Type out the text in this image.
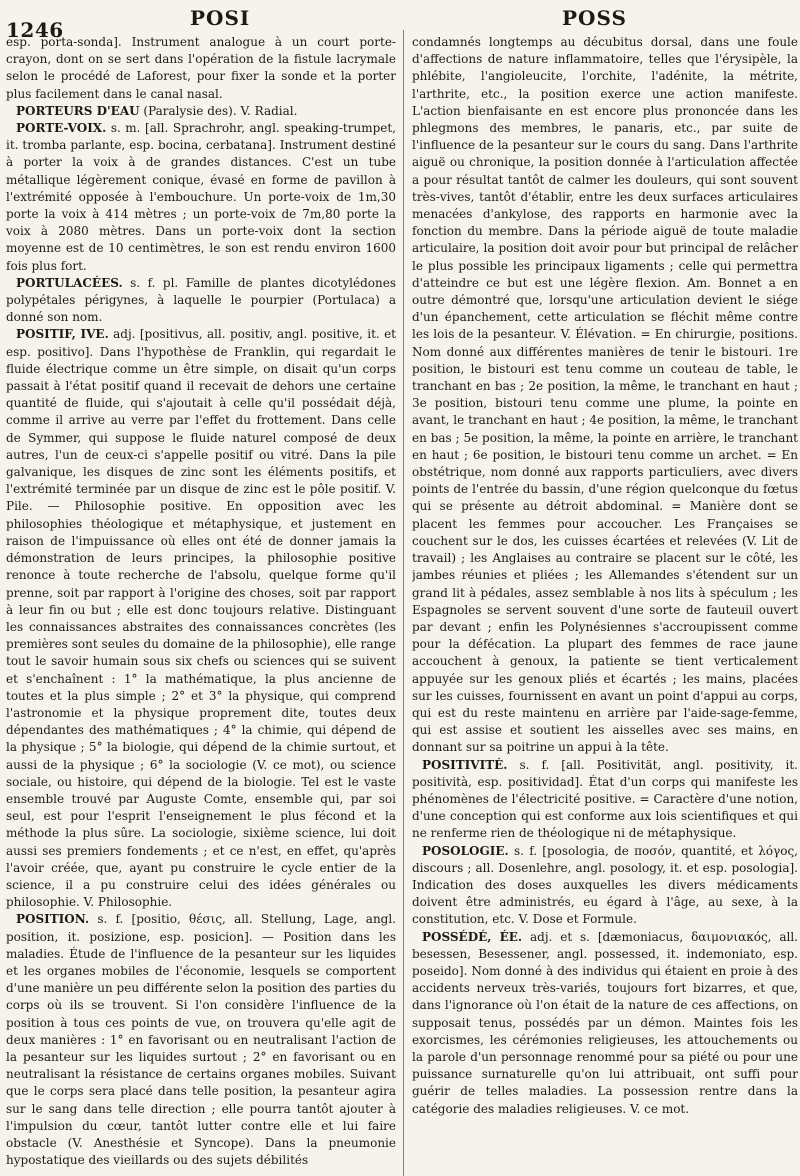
1246	POSI	POSS

esp. porta-sonda]. Instrument analogue à un court porte-crayon, dont on se sert dans l'opération de la fistule lacrymale selon le procédé de Laforest, pour fixer la sonde et la porter plus facilement dans le canal nasal.

PORTEURS D'EAU (Paralysie des). V. Radial.

PORTE-VOIX. s. m. [all. Sprachrohr, angl. speaking-trumpet, it. tromba parlante, esp. bocina, cerbatana]. Instrument destiné à porter la voix à de grandes distances. C'est un tube métallique légèrement conique, évasé en forme de pavillon à l'extrémité opposée à l'embouchure. Un porte-voix de 1m,30 porte la voix à 414 mètres ; un porte-voix de 7m,80 porte la voix à 2080 mètres. Dans un porte-voix dont la section moyenne est de 10 centimètres, le son est rendu environ 1600 fois plus fort.

PORTULACÉES. s. f. pl. Famille de plantes dicotylédones polypétales périgynes, à laquelle le pourpier (Portulaca) a donné son nom.

POSITIF, IVE. adj. [positivus, all. positiv, angl. positive, it. et esp. positivo]. Dans l'hypothèse de Franklin, qui regardait le fluide électrique comme un être simple, on disait qu'un corps passait à l'état positif quand il recevait de dehors une certaine quantité de fluide, qui s'ajoutait à celle qu'il possédait déjà, comme il arrive au verre par l'effet du frottement. Dans celle de Symmer, qui suppose le fluide naturel composé de deux autres, l'un de ceux-ci s'appelle positif ou vitré. Dans la pile galvanique, les disques de zinc sont les éléments positifs, et l'extrémité terminée par un disque de zinc est le pôle positif. V. Pile. — Philosophie positive. En opposition avec les philosophies théologique et métaphysique, et justement en raison de l'impuissance où elles ont été de donner jamais la démonstration de leurs principes, la philosophie positive renonce à toute recherche de l'absolu, quelque forme qu'il prenne, soit par rapport à l'origine des choses, soit par rapport à leur fin ou but ; elle est donc toujours relative. Distinguant les connaissances abstraites des connaissances concrètes (les premières sont seules du domaine de la philosophie), elle range tout le savoir humain sous six chefs ou sciences qui se suivent et s'enchaînent : 1° la mathématique, la plus ancienne de toutes et la plus simple ; 2° et 3° la physique, qui comprend l'astronomie et la physique proprement dite, toutes deux dépendantes des mathématiques ; 4° la chimie, qui dépend de la physique ; 5° la biologie, qui dépend de la chimie surtout, et aussi de la physique ; 6° la sociologie (V. ce mot), ou science sociale, ou histoire, qui dépend de la biologie. Tel est le vaste ensemble trouvé par Auguste Comte, ensemble qui, par soi seul, est pour l'esprit l'enseignement le plus fécond et la méthode la plus sûre. La sociologie, sixième science, lui doit aussi ses premiers fondements ; et ce n'est, en effet, qu'après l'avoir créée, que, ayant pu construire le cycle entier de la science, il a pu construire celui des idées générales ou philosophie. V. Philosophie.

POSITION. s. f. [positio, θέσις, all. Stellung, Lage, angl. position, it. posizione, esp. posicion]. — Position dans les maladies. Étude de l'influence de la pesanteur sur les liquides et les organes mobiles de l'économie, lesquels se comportent d'une manière un peu différente selon la position des parties du corps où ils se trouvent. Si l'on considère l'influence de la position à tous ces points de vue, on trouvera qu'elle agit de deux manières : 1° en favorisant ou en neutralisant l'action de la pesanteur sur les liquides surtout ; 2° en favorisant ou en neutralisant la résistance de certains organes mobiles. Suivant que le corps sera placé dans telle position, la pesanteur agira sur le sang dans telle direction ; elle pourra tantôt ajouter à l'impulsion du cœur, tantôt lutter contre elle et lui faire obstacle (V. Anesthésie et Syncope). Dans la pneumonie hypostatique des vieillards ou des sujets débilités

condamnés longtemps au décubitus dorsal, dans une foule d'affections de nature inflammatoire, telles que l'érysipèle, la phlébite, l'angioleucite, l'orchite, l'adénite, la métrite, l'arthrite, etc., la position exerce une action manifeste. L'action bienfaisante en est encore plus prononcée dans les phlegmons des membres, le panaris, etc., par suite de l'influence de la pesanteur sur le cours du sang. Dans l'arthrite aiguë ou chronique, la position donnée à l'articulation affectée a pour résultat tantôt de calmer les douleurs, qui sont souvent très-vives, tantôt d'établir, entre les deux surfaces articulaires menacées d'ankylose, des rapports en harmonie avec la fonction du membre. Dans la période aiguë de toute maladie articulaire, la position doit avoir pour but principal de relâcher le plus possible les principaux ligaments ; celle qui permettra d'atteindre ce but est une légère flexion. Am. Bonnet a en outre démontré que, lorsqu'une articulation devient le siége d'un épanchement, cette articulation se fléchit même contre les lois de la pesanteur. V. Élévation. = En chirurgie, positions. Nom donné aux différentes manières de tenir le bistouri. 1re position, le bistouri est tenu comme un couteau de table, le tranchant en bas ; 2e position, la même, le tranchant en haut ; 3e position, bistouri tenu comme une plume, la pointe en avant, le tranchant en haut ; 4e position, la même, le tranchant en bas ; 5e position, la même, la pointe en arrière, le tranchant en haut ; 6e position, le bistouri tenu comme un archet. = En obstétrique, nom donné aux rapports particuliers, avec divers points de l'entrée du bassin, d'une région quelconque du fœtus qui se présente au détroit abdominal. = Manière dont se placent les femmes pour accoucher. Les Françaises se couchent sur le dos, les cuisses écartées et relevées (V. Lit de travail) ; les Anglaises au contraire se placent sur le côté, les jambes réunies et pliées ; les Allemandes s'étendent sur un grand lit à pédales, assez semblable à nos lits à spéculum ; les Espagnoles se servent souvent d'une sorte de fauteuil ouvert par devant ; enfin les Polynésiennes s'accroupissent comme pour la défécation. La plupart des femmes de race jaune accouchent à genoux, la patiente se tient verticalement appuyée sur les genoux pliés et écartés ; les mains, placées sur les cuisses, fournissent en avant un point d'appui au corps, qui est du reste maintenu en arrière par l'aide-sage-femme, qui est assise et soutient les aisselles avec ses mains, en donnant sur sa poitrine un appui à la tête.

POSITIVITÉ. s. f. [all. Positivität, angl. positivity, it. positività, esp. positividad]. État d'un corps qui manifeste les phénomènes de l'électricité positive. = Caractère d'une notion, d'une conception qui est conforme aux lois scientifiques et qui ne renferme rien de théologique ni de métaphysique.

POSOLOGIE. s. f. [posologia, de ποσόν, quantité, et λόγος, discours ; all. Dosenlehre, angl. posology, it. et esp. posologia]. Indication des doses auxquelles les divers médicaments doivent être administrés, eu égard à l'âge, au sexe, à la constitution, etc. V. Dose et Formule.

POSSÉDÉ, ÉE. adj. et s. [dæmoniacus, δαιμονιακός, all. besessen, Besessener, angl. possessed, it. indemoniato, esp. poseido]. Nom donné à des individus qui étaient en proie à des accidents nerveux très-variés, toujours fort bizarres, et que, dans l'ignorance où l'on était de la nature de ces affections, on supposait tenus, possédés par un démon. Maintes fois les exorcismes, les cérémonies religieuses, les attouchements ou la parole d'un personnage renommé pour sa piété ou pour une puissance surnaturelle qu'on lui attribuait, ont suffi pour guérir de telles maladies. La possession rentre dans la catégorie des maladies religieuses. V. ce mot.
